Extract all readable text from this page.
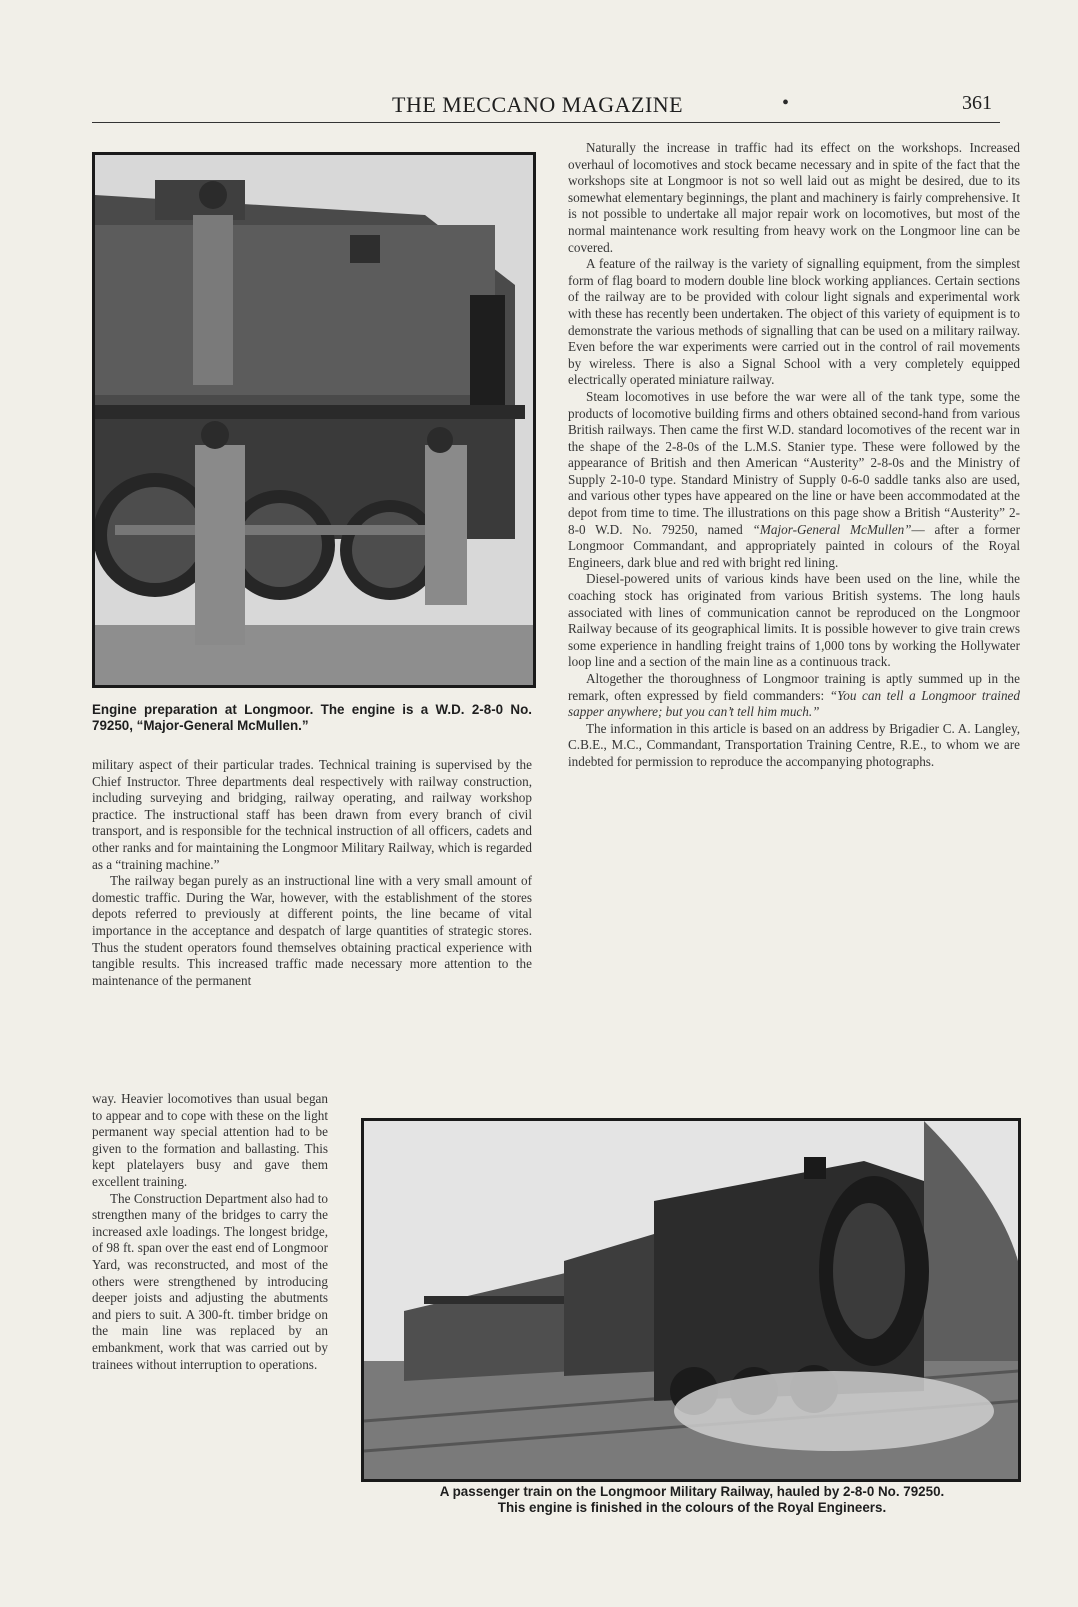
THE MECCANO MAGAZINE	•	361
Engine preparation at Longmoor. The engine is a W.D. 2-8-0 No. 79250, “Major-General McMullen.”

military aspect of their particular trades. Technical training is supervised by the Chief Instructor. Three departments deal respectively with railway construction, including surveying and bridging, railway operating, and railway workshop practice. The instructional staff has been drawn from every branch of civil transport, and is responsible for the technical instruction of all officers, cadets and other ranks and for maintaining the Longmoor Military Railway, which is regarded as a “training machine.”

The railway began purely as an instructional line with a very small amount of domestic traffic. During the War, however, with the establishment of the stores depots referred to previously at different points, the line became of vital importance in the acceptance and despatch of large quantities of strategic stores. Thus the student operators found themselves obtaining practical experience with tangible results. This increased traffic made necessary more attention to the maintenance of the permanent

way. Heavier locomotives than usual began to appear and to cope with these on the light permanent way special attention had to be given to the formation and ballasting. This kept platelayers busy and gave them excellent training.

The Construction Department also had to strengthen many of the bridges to carry the increased axle loadings. The longest bridge, of 98 ft. span over the east end of Longmoor Yard, was reconstructed, and most of the others were strengthened by introducing deeper joists and adjusting the abutments and piers to suit. A 300-ft. timber bridge on the main line was replaced by an embankment, work that was carried out by trainees without interruption to operations.

Naturally the increase in traffic had its effect on the workshops. Increased overhaul of locomotives and stock became necessary and in spite of the fact that the workshops site at Longmoor is not so well laid out as might be desired, due to its somewhat elementary beginnings, the plant and machinery is fairly comprehensive. It is not possible to undertake all major repair work on locomotives, but most of the normal maintenance work resulting from heavy work on the Longmoor line can be covered.

A feature of the railway is the variety of signalling equipment, from the simplest form of flag board to modern double line block working appliances. Certain sections of the railway are to be provided with colour light signals and experimental work with these has recently been undertaken. The object of this variety of equipment is to demonstrate the various methods of signalling that can be used on a military railway. Even before the war experiments were carried out in the control of rail movements by wireless. There is also a Signal School with a very completely equipped electrically operated miniature railway.

Steam locomotives in use before the war were all of the tank type, some the products of locomotive building firms and others obtained second-hand from various British railways. Then came the first W.D. standard locomotives of the recent war in the shape of the 2-8-0s of the L.M.S. Stanier type. These were followed by the appearance of British and then American “Austerity” 2-8-0s and the Ministry of Supply 2-10-0 type. Standard Ministry of Supply 0-6-0 saddle tanks also are used, and various other types have appeared on the line or have been accommodated at the depot from time to time. The illustrations on this page show a British “Austerity” 2-8-0 W.D. No. 79250, named “Major-General McMullen”— after a former Longmoor Commandant, and appropriately painted in colours of the Royal Engineers, dark blue and red with bright red lining.

Diesel-powered units of various kinds have been used on the line, while the coaching stock has originated from various British systems. The long hauls associated with lines of communication cannot be reproduced on the Longmoor Railway because of its geographical limits. It is possible however to give train crews some experience in handling freight trains of 1,000 tons by working the Hollywater loop line and a section of the main line as a continuous track.

Altogether the thoroughness of Longmoor training is aptly summed up in the remark, often expressed by field commanders: “You can tell a Longmoor trained sapper anywhere; but you can’t tell him much.”

The information in this article is based on an address by Brigadier C. A. Langley, C.B.E., M.C., Commandant, Transportation Training Centre, R.E., to whom we are indebted for permission to reproduce the accompanying photographs.

A passenger train on the Longmoor Military Railway, hauled by 2-8-0 No. 79250.
This engine is finished in the colours of the Royal Engineers.
